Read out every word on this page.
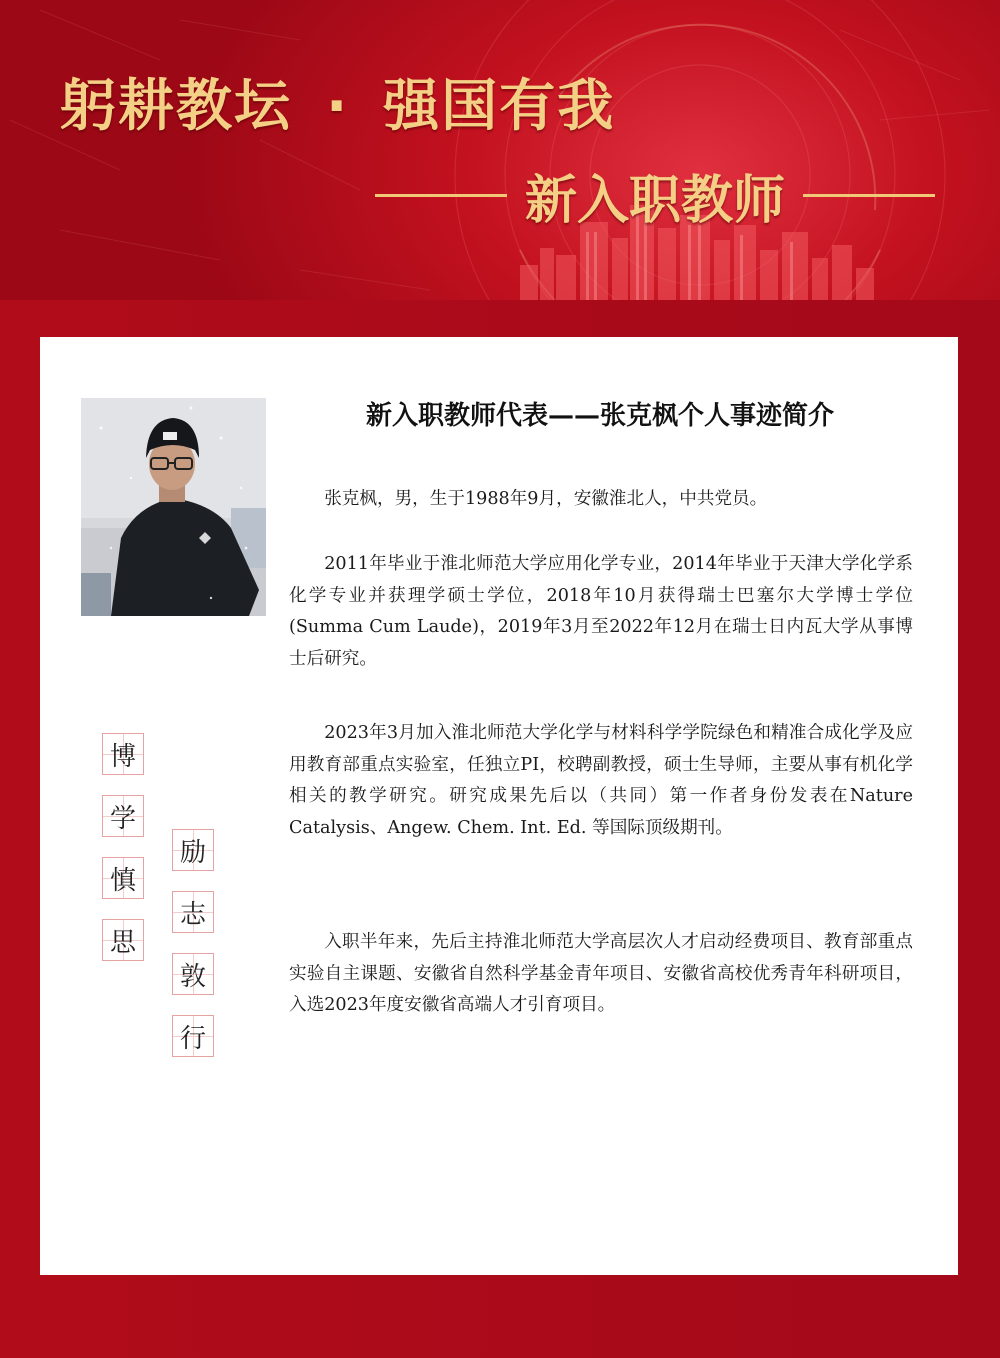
躬耕教坛 · 强国有我
新入职教师
新入职教师代表——张克枫个人事迹简介
张克枫，男，生于1988年9月，安徽淮北人，中共党员。
2011年毕业于淮北师范大学应用化学专业，2014年毕业于天津大学化学系化学专业并获理学硕士学位，2018年10月获得瑞士巴塞尔大学博士学位(Summa Cum Laude)，2019年3月至2022年12月在瑞士日内瓦大学从事博士后研究。
2023年3月加入淮北师范大学化学与材料科学学院绿色和精准合成化学及应用教育部重点实验室，任独立PI，校聘副教授，硕士生导师，主要从事有机化学相关的教学研究。研究成果先后以（共同）第一作者身份发表在Nature Catalysis、Angew. Chem. Int. Ed. 等国际顶级期刊。
入职半年来，先后主持淮北师范大学高层次人才启动经费项目、教育部重点实验自主课题、安徽省自然科学基金青年项目、安徽省高校优秀青年科研项目，入选2023年度安徽省高端人才引育项目。
博
学
慎
思
励
志
敦
行
